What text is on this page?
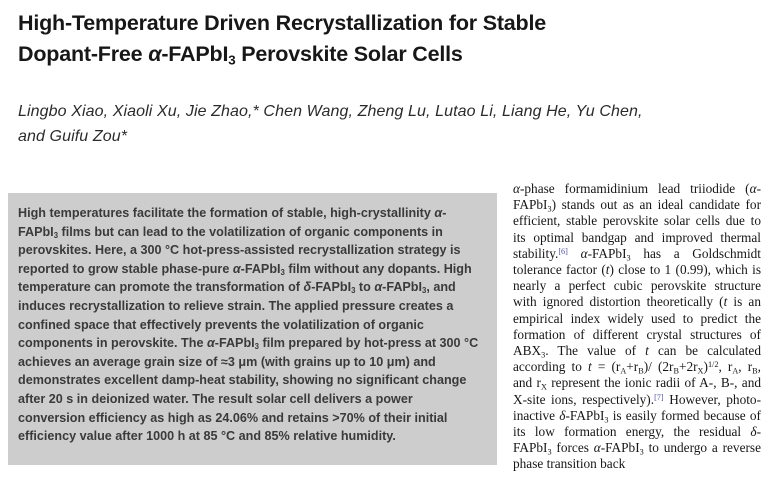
High-Temperature Driven Recrystallization for Stable
Dopant-Free α-FAPbI$_3$ Perovskite Solar Cells

Lingbo Xiao, Xiaoli Xu, Jie Zhao,* Chen Wang, Zheng Lu, Lutao Li, Liang He, Yu Chen,
and Guifu Zou*

High temperatures facilitate the formation of stable, high-crystallinity α-FAPbI$_3$ films but can lead to the volatilization of organic components in perovskites. Here, a 300 °C hot-press-assisted recrystallization strategy is reported to grow stable phase-pure α-FAPbI$_3$ film without any dopants. High temperature can promote the transformation of δ-FAPbI$_3$ to α-FAPbI$_3$, and induces recrystallization to relieve strain. The applied pressure creates a confined space that effectively prevents the volatilization of organic components in perovskite. The α-FAPbI$_3$ film prepared by hot-press at 300 °C achieves an average grain size of ≈3 μm (with grains up to 10 μm) and demonstrates excellent damp-heat stability, showing no significant change after 20 s in deionized water. The result solar cell delivers a power conversion efficiency as high as 24.06% and retains >70% of their initial efficiency value after 1000 h at 85 °C and 85% relative humidity.

α-phase formamidinium lead triiodide (α-FAPbI$_3$) stands out as an ideal candidate for efficient, stable perovskite solar cells due to its optimal bandgap and improved thermal stability.[6] α-FAPbI$_3$ has a Goldschmidt tolerance factor (t) close to 1 (0.99), which is nearly a perfect cubic perovskite structure with ignored distortion theoretically (t is an empirical index widely used to predict the formation of different crystal structures of $ABX_3$. The value of t can be calculated according to $t = (r_A+r_B)/$ $(2r_B+2r_X)^{1/2}$, $r_A$, $r_B$, and $r_X$ represent the ionic radii of A-, B-, and X-site ions, respectively).[7] However, photo-inactive δ-FAPbI$_3$ is easily formed because of its low formation energy, the residual δ-FAPbI$_3$ forces α-FAPbI$_3$ to undergo a reverse phase transition back
